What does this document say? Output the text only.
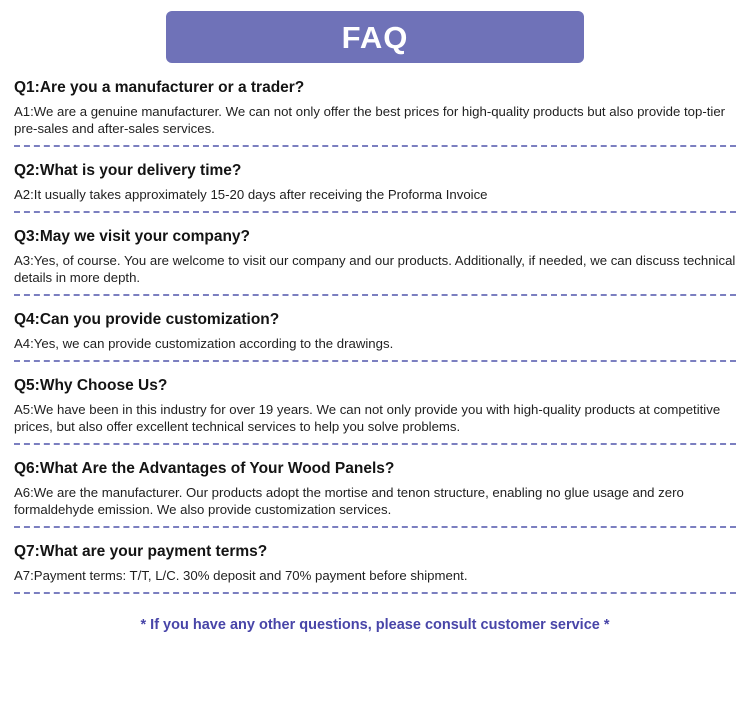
FAQ
Q1:Are you a manufacturer or a trader?
A1:We are a genuine manufacturer. We can not only offer the best prices for high-quality products but also provide top-tier pre-sales and after-sales services.
Q2:What is your delivery time?
A2:It usually takes approximately 15-20 days after receiving the Proforma Invoice
Q3:May we visit your company?
A3:Yes, of course. You are welcome to visit our company and our products. Additionally, if needed, we can discuss technical details in more depth.
Q4:Can you provide customization?
A4:Yes, we can provide customization according to the drawings.
Q5:Why Choose Us?
A5:We have been in this industry for over 19 years. We can not only provide you with high-quality products at competitive prices, but also offer excellent technical services to help you solve problems.
Q6:What Are the Advantages of Your Wood Panels?
A6:We are the manufacturer. Our products adopt the mortise and tenon structure, enabling no glue usage and zero formaldehyde emission. We also provide customization services.
Q7:What are your payment terms?
A7:Payment terms: T/T, L/C. 30% deposit and 70% payment before shipment.
* If you have any other questions, please consult customer service *
